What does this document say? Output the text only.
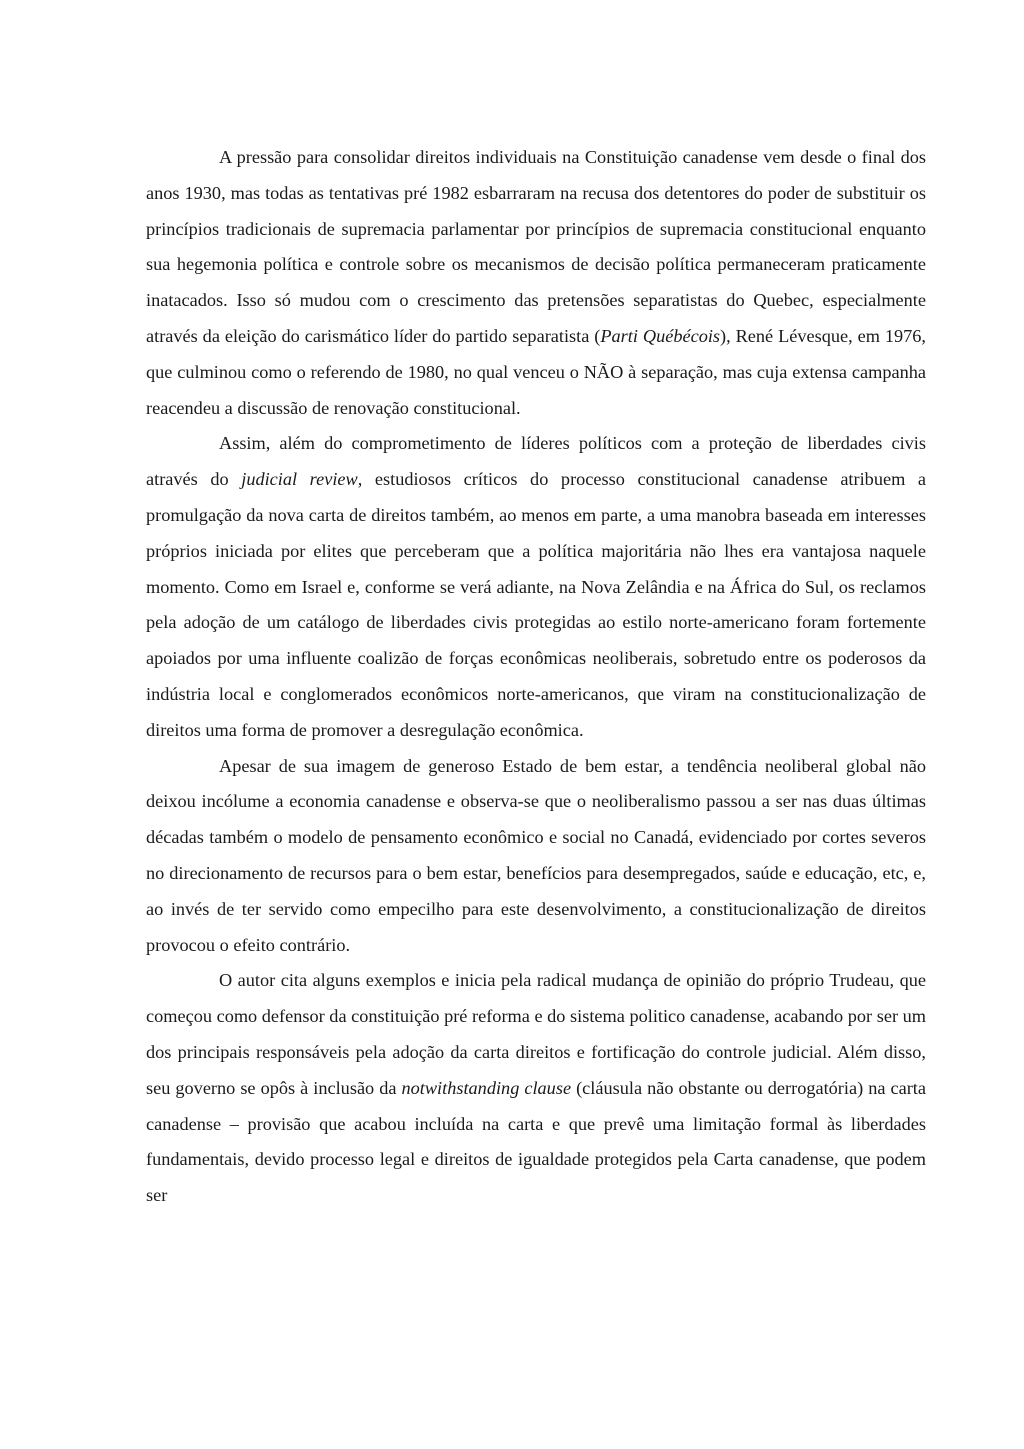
A pressão para consolidar direitos individuais na Constituição canadense vem desde o final dos anos 1930, mas todas as tentativas pré 1982 esbarraram na recusa dos detentores do poder de substituir os princípios tradicionais de supremacia parlamentar por princípios de supremacia constitucional enquanto sua hegemonia política e controle sobre os mecanismos de decisão política permaneceram praticamente inatacados. Isso só mudou com o crescimento das pretensões separatistas do Quebec, especialmente através da eleição do carismático líder do partido separatista (Parti Québécois), René Lévesque, em 1976, que culminou como o referendo de 1980, no qual venceu o NÃO à separação, mas cuja extensa campanha reacendeu a discussão de renovação constitucional.

Assim, além do comprometimento de líderes políticos com a proteção de liberdades civis através do judicial review, estudiosos críticos do processo constitucional canadense atribuem a promulgação da nova carta de direitos também, ao menos em parte, a uma manobra baseada em interesses próprios iniciada por elites que perceberam que a política majoritária não lhes era vantajosa naquele momento. Como em Israel e, conforme se verá adiante, na Nova Zelândia e na África do Sul, os reclamos pela adoção de um catálogo de liberdades civis protegidas ao estilo norte-americano foram fortemente apoiados por uma influente coalizão de forças econômicas neoliberais, sobretudo entre os poderosos da indústria local e conglomerados econômicos norte-americanos, que viram na constitucionalização de direitos uma forma de promover a desregulação econômica.

Apesar de sua imagem de generoso Estado de bem estar, a tendência neoliberal global não deixou incólume a economia canadense e observa-se que o neoliberalismo passou a ser nas duas últimas décadas também o modelo de pensamento econômico e social no Canadá, evidenciado por cortes severos no direcionamento de recursos para o bem estar, benefícios para desempregados, saúde e educação, etc, e, ao invés de ter servido como empecilho para este desenvolvimento, a constitucionalização de direitos provocou o efeito contrário.

O autor cita alguns exemplos e inicia pela radical mudança de opinião do próprio Trudeau, que começou como defensor da constituição pré reforma e do sistema politico canadense, acabando por ser um dos principais responsáveis pela adoção da carta direitos e fortificação do controle judicial. Além disso, seu governo se opôs à inclusão da notwithstanding clause (cláusula não obstante ou derrogatória) na carta canadense – provisão que acabou incluída na carta e que prevê uma limitação formal às liberdades fundamentais, devido processo legal e direitos de igualdade protegidos pela Carta canadense, que podem ser
